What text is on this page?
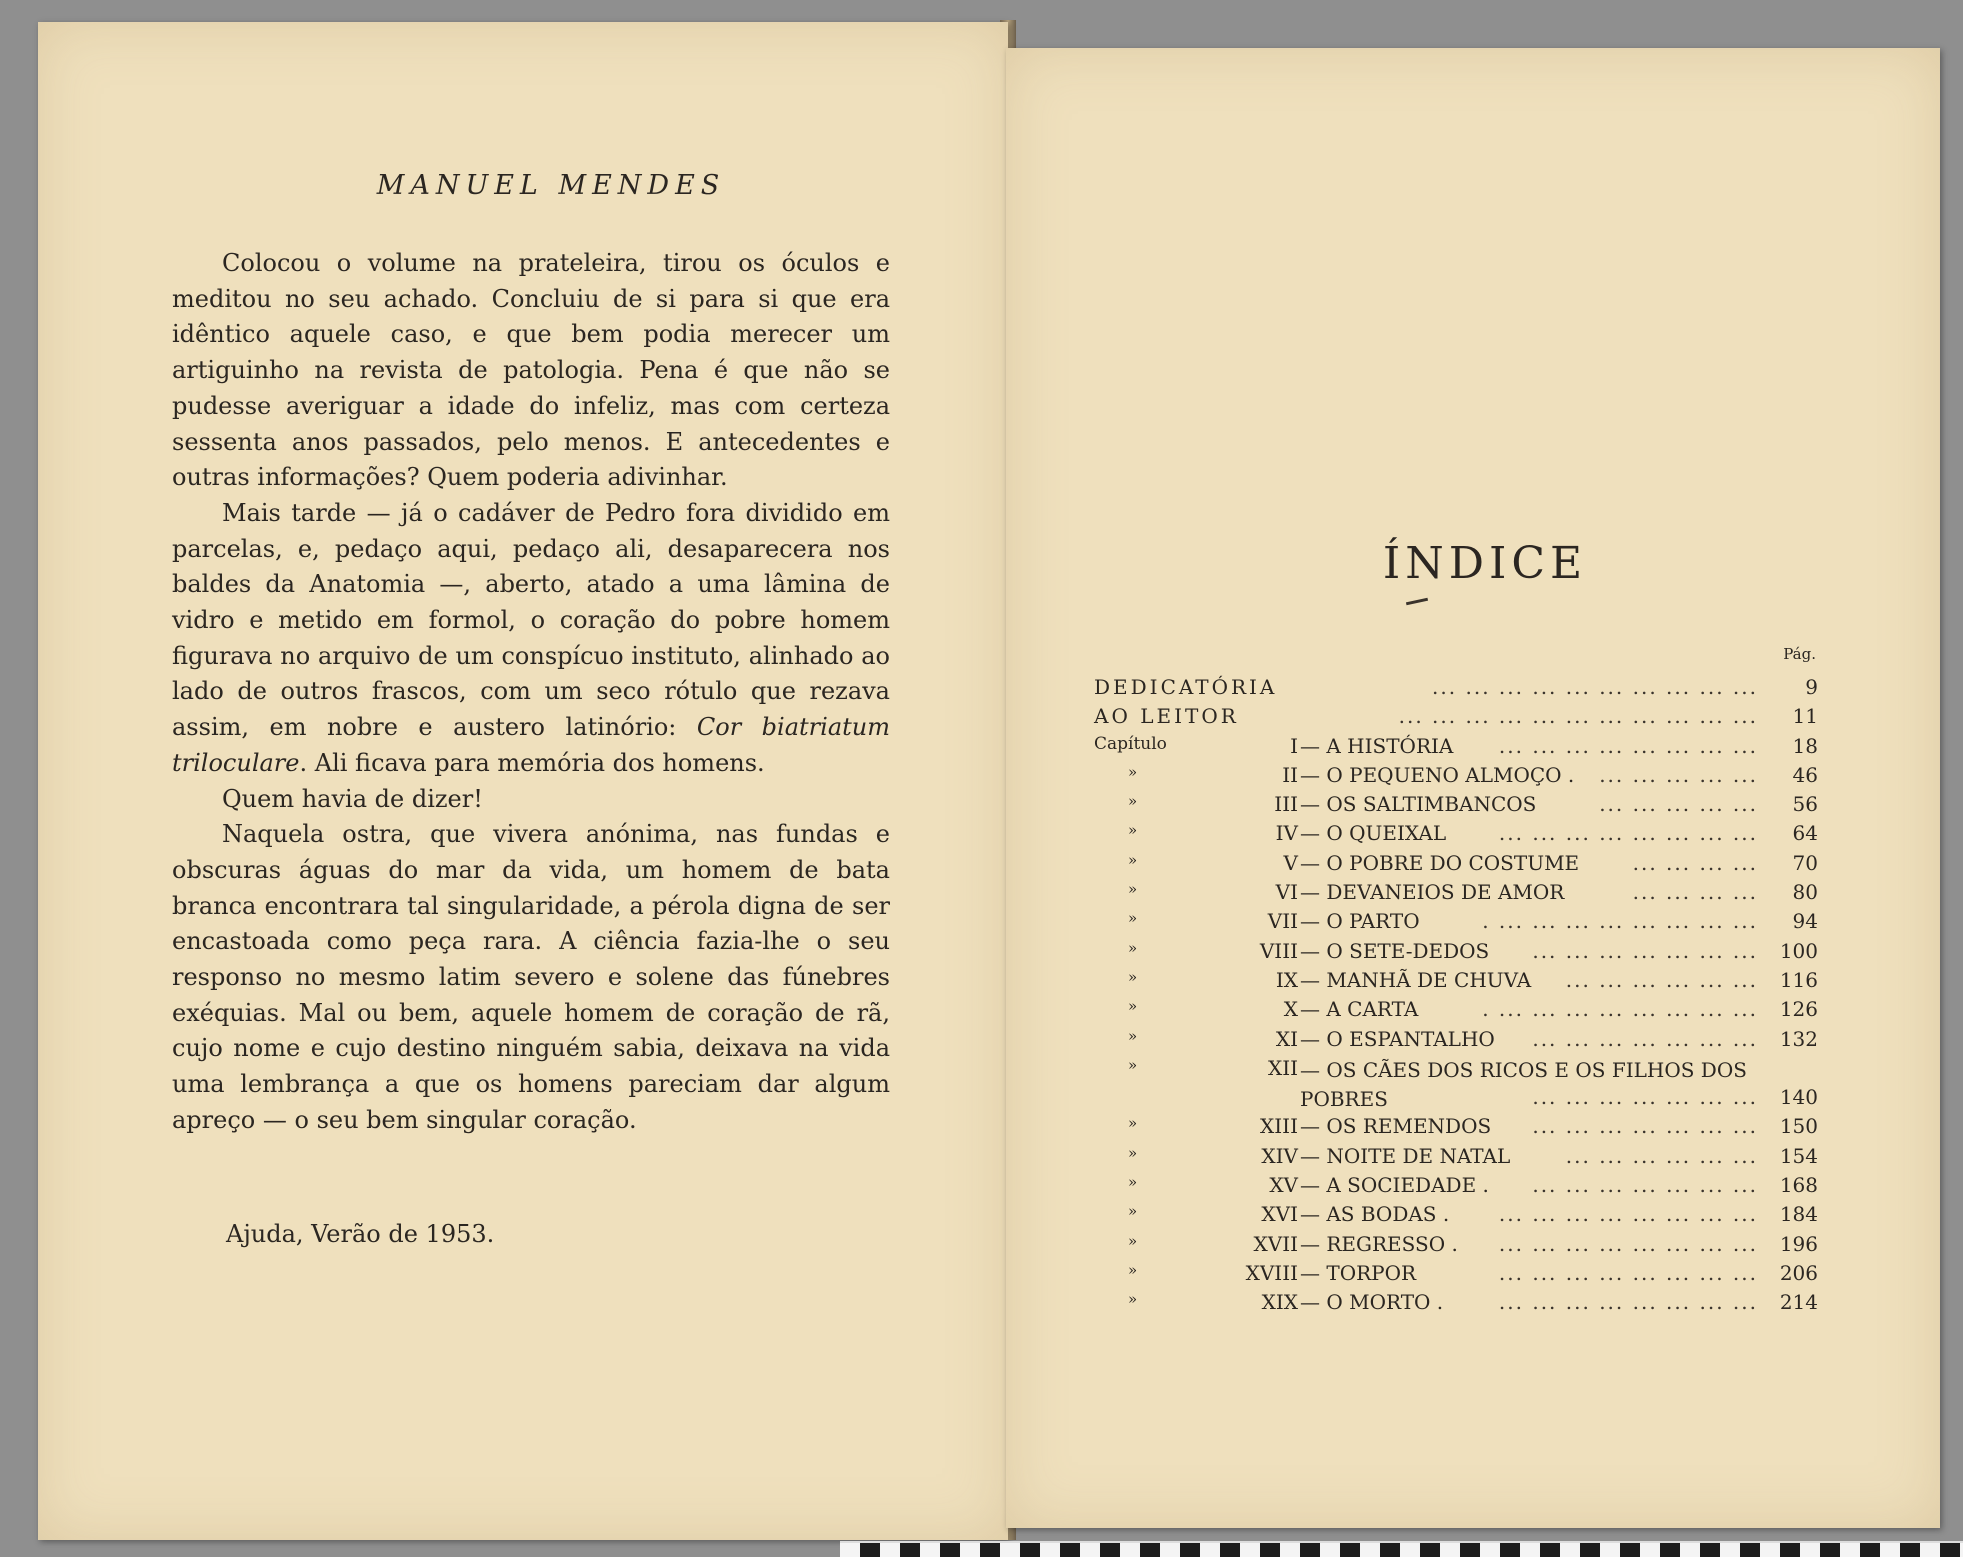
MANUEL MENDES

Colocou o volume na prateleira, tirou os óculos e meditou no seu achado. Concluiu de si para si que era idêntico aquele caso, e que bem podia merecer um artiguinho na revista de patologia. Pena é que não se pudesse averiguar a idade do infeliz, mas com certeza sessenta anos passados, pelo menos. E antecedentes e outras informações? Quem poderia adivinhar.

Mais tarde — já o cadáver de Pedro fora dividido em parcelas, e, pedaço aqui, pedaço ali, desaparecera nos baldes da Anatomia —, aberto, atado a uma lâmina de vidro e metido em formol, o coração do pobre homem figurava no arquivo de um conspícuo instituto, alinhado ao lado de outros frascos, com um seco rótulo que rezava assim, em nobre e austero latinório: Cor biatriatum triloculare. Ali ficava para memória dos homens.

Quem havia de dizer!

Naquela ostra, que vivera anónima, nas fundas e obscuras águas do mar da vida, um homem de bata branca encontrara tal singularidade, a pérola digna de ser encastoada como peça rara. A ciência fazia-lhe o seu responso no mesmo latim severo e solene das fúnebres exéquias. Mal ou bem, aquele homem de coração de rã, cujo nome e cujo destino ninguém sabia, deixava na vida uma lembrança a que os homens pareciam dar algum apreço — o seu bem singular coração.

Ajuda, Verão de 1953.
ÍNDICE
Pág.
DEDICATÓRIA	... ... ... ... ... ... ... ... ... ...	9
AO LEITOR	... ... ... ... ... ... ... ... ... ... ...	11
Capítulo	I — A HISTÓRIA ... ... ... ... ... ... ... ...	18
»	II — O PEQUENO ALMOÇO . ... ... ... ... ...	46
»	III — OS SALTIMBANCOS	... ... ... ... ...	56
»	IV — O QUEIXAL	... ... ... ... ... ... ... ...	64
»	V — O POBRE DO COSTUME	... ... ... ...	70
»	VI — DEVANEIOS DE AMOR	... ... ... ...	80
»	VII — O PARTO	. ... ... ... ... ... ... ... ...	94
»	VIII — O SETE-DEDOS ... ... ... ... ... ... ...	100
»	IX — MANHÃ DE CHUVA ... ... ... ... ... ...	116
»	X — A CARTA	. ... ... ... ... ... ... ... ...	126
»	XI — O ESPANTALHO ... ... ... ... ... ... ...	132
»	XII — OS CÃES DOS RICOS E OS FILHOS DOS POBRES	... ... ... ... ... ... ...	140
»	XIII — OS REMENDOS ... ... ... ... ... ... ...	150
»	XIV — NOITE DE NATAL	... ... ... ... ... ...	154
»	XV — A SOCIEDADE . ... ... ... ... ... ... ...	168
»	XVI — AS BODAS . ... ... ... ... ... ... ... ...	184
»	XVII — REGRESSO . ... ... ... ... ... ... ... ...	196
»	XVIII — TORPOR	... ... ... ... ... ... ... ...	206
»	XIX — O MORTO .	... ... ... ... ... ... ... ...	214
